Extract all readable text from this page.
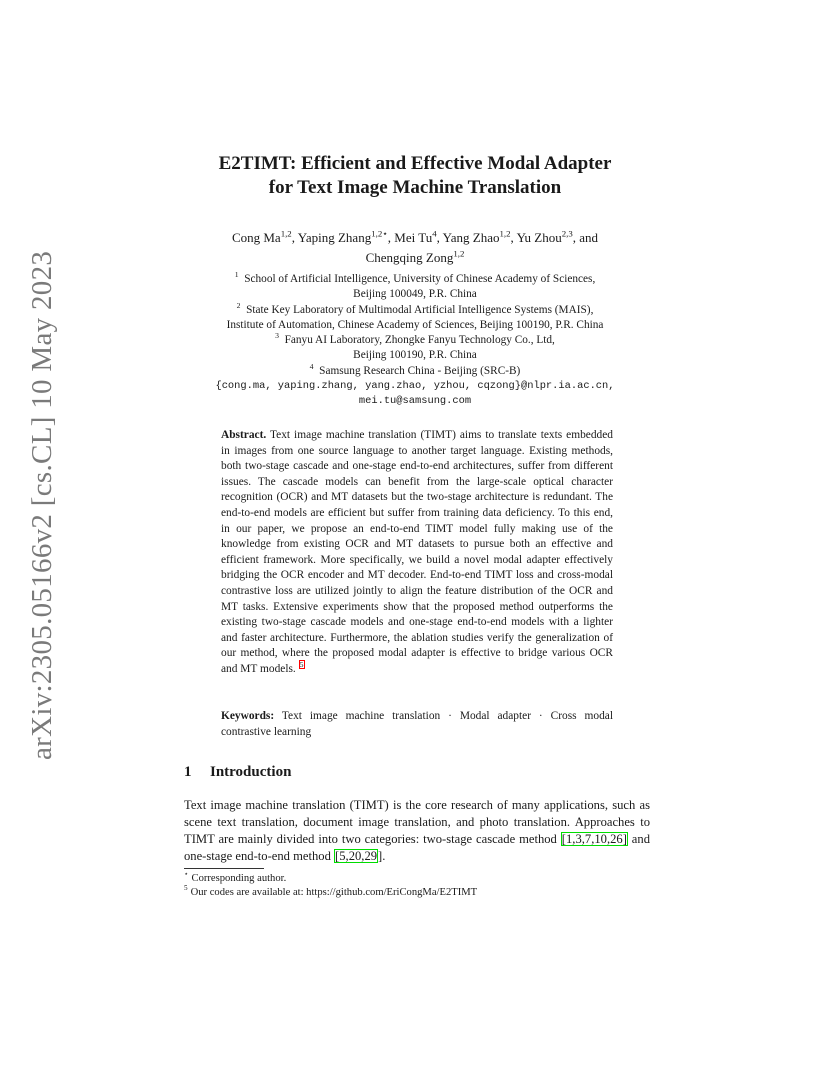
arXiv:2305.05166v2 [cs.CL] 10 May 2023
E2TIMT: Efficient and Effective Modal Adapter
for Text Image Machine Translation
Cong Ma$^{1,2}$, Yaping Zhang$^{1,2⋆}$, Mei Tu$^4$, Yang Zhao$^{1,2}$, Yu Zhou$^{2,3}$, and
Chengqing Zong$^{1,2}$
$^1$ School of Artificial Intelligence, University of Chinese Academy of Sciences,
Beijing 100049, P.R. China
$^2$ State Key Laboratory of Multimodal Artificial Intelligence Systems (MAIS),
Institute of Automation, Chinese Academy of Sciences, Beijing 100190, P.R. China
$^3$ Fanyu AI Laboratory, Zhongke Fanyu Technology Co., Ltd,
Beijing 100190, P.R. China
$^4$ Samsung Research China - Beijing (SRC-B)
{cong.ma, yaping.zhang, yang.zhao, yzhou, cqzong}@nlpr.ia.ac.cn,
mei.tu@samsung.com
Abstract. Text image machine translation (TIMT) aims to translate texts embedded in images from one source language to another target language. Existing methods, both two-stage cascade and one-stage end-to-end architectures, suffer from different issues. The cascade models can benefit from the large-scale optical character recognition (OCR) and MT datasets but the two-stage architecture is redundant. The end-to-end models are efficient but suffer from training data deficiency. To this end, in our paper, we propose an end-to-end TIMT model fully making use of the knowledge from existing OCR and MT datasets to pursue both an effective and efficient framework. More specifically, we build a novel modal adapter effectively bridging the OCR encoder and MT decoder. End-to-end TIMT loss and cross-modal contrastive loss are utilized jointly to align the feature distribution of the OCR and MT tasks. Extensive experiments show that the proposed method outperforms the existing two-stage cascade models and one-stage end-to-end models with a lighter and faster architecture. Furthermore, the ablation studies verify the generalization of our method, where the proposed modal adapter is effective to bridge various OCR and MT models. $^5$
Keywords: Text image machine translation · Modal adapter · Cross modal contrastive learning
1 Introduction
Text image machine translation (TIMT) is the core research of many applications, such as scene text translation, document image translation, and photo translation. Approaches to TIMT are mainly divided into two categories: two-stage cascade method [1,3,7,10,26] and one-stage end-to-end method [5,20,29].
⋆ Corresponding author.
$^5$ Our codes are available at: https://github.com/EriCongMa/E2TIMT
